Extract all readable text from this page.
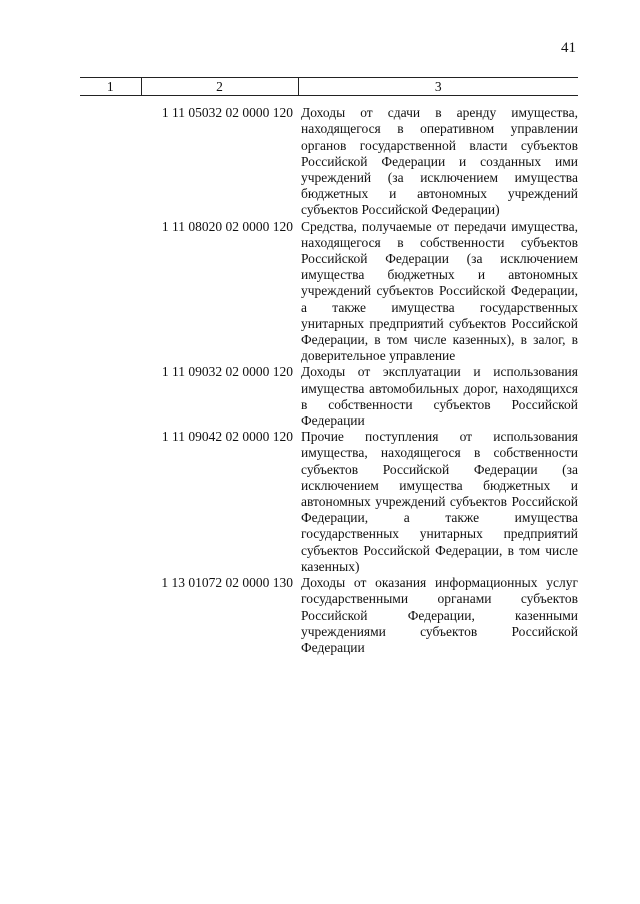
41
1	2	3
	1 11 05032 02 0000 120	Доходы от сдачи в аренду имущества, находящегося в оперативном управлении органов государственной власти субъектов Российской Федерации и созданных ими учреждений (за исключением имущества бюджетных и автономных учреждений субъектов Российской Федерации)
	1 11 08020 02 0000 120	Средства, получаемые от передачи имущества, находящегося в собственности субъектов Российской Федерации (за исключением имущества бюджетных и автономных учреждений субъектов Российской Федерации, а также имущества государственных унитарных предприятий субъектов Российской Федерации, в том числе казенных), в залог, в доверительное управление
	1 11 09032 02 0000 120	Доходы от эксплуатации и использования имущества автомобильных дорог, находящихся в собственности субъектов Российской Федерации
	1 11 09042 02 0000 120	Прочие поступления от использования имущества, находящегося в собственности субъектов Российской Федерации (за исключением имущества бюджетных и автономных учреждений субъектов Российской Федерации, а также имущества государственных унитарных предприятий субъектов Российской Федерации, в том числе казенных)
	1 13 01072 02 0000 130	Доходы от оказания информационных услуг государственными органами субъектов Российской Федерации, казенными учреждениями субъектов Российской Федерации
